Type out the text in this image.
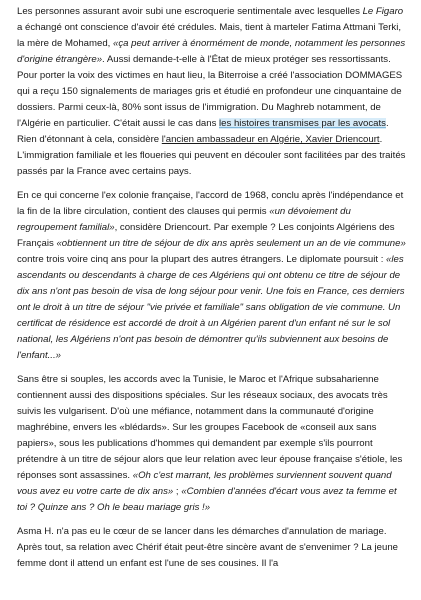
Les personnes assurant avoir subi une escroquerie sentimentale avec lesquelles Le Figaro a échangé ont conscience d'avoir été crédules. Mais, tient à marteler Fatima Attmani Terki, la mère de Mohamed, «ça peut arriver à énormément de monde, notamment les personnes d'origine étrangère». Aussi demande-t-elle à l'État de mieux protéger ses ressortissants. Pour porter la voix des victimes en haut lieu, la Biterroise a créé l'association DOMMAGES qui a reçu 150 signalements de mariages gris et étudié en profondeur une cinquantaine de dossiers. Parmi ceux-là, 80% sont issus de l'immigration. Du Maghreb notamment, de l'Algérie en particulier. C'était aussi le cas dans les histoires transmises par les avocats. Rien d'étonnant à cela, considère l'ancien ambassadeur en Algérie, Xavier Driencourt. L'immigration familiale et les floueries qui peuvent en découler sont facilitées par des traités passés par la France avec certains pays.

En ce qui concerne l'ex colonie française, l'accord de 1968, conclu après l'indépendance et la fin de la libre circulation, contient des clauses qui permis «un dévoiement du regroupement familial», considère Driencourt. Par exemple ? Les conjoints Algériens des Français «obtiennent un titre de séjour de dix ans après seulement un an de vie commune» contre trois voire cinq ans pour la plupart des autres étrangers. Le diplomate poursuit : «les ascendants ou descendants à charge de ces Algériens qui ont obtenu ce titre de séjour de dix ans n'ont pas besoin de visa de long séjour pour venir. Une fois en France, ces derniers ont le droit à un titre de séjour "vie privée et familiale" sans obligation de vie commune. Un certificat de résidence est accordé de droit à un Algérien parent d'un enfant né sur le sol national, les Algériens n'ont pas besoin de démontrer qu'ils subviennent aux besoins de l'enfant...»

Sans être si souples, les accords avec la Tunisie, le Maroc et l'Afrique subsaharienne contiennent aussi des dispositions spéciales. Sur les réseaux sociaux, des avocats très suivis les vulgarisent. D'où une méfiance, notamment dans la communauté d'origine maghrébine, envers les «blédards». Sur les groupes Facebook de «conseil aux sans papiers», sous les publications d'hommes qui demandent par exemple s'ils pourront prétendre à un titre de séjour alors que leur relation avec leur épouse française s'étiole, les réponses sont assassines. «Oh c'est marrant, les problèmes surviennent souvent quand vous avez eu votre carte de dix ans» ; «Combien d'années d'écart vous avez ta femme et toi ? Quinze ans ? Oh le beau mariage gris !»

Asma H. n'a pas eu le cœur de se lancer dans les démarches d'annulation de mariage. Après tout, sa relation avec Chérif était peut-être sincère avant de s'envenimer ? La jeune femme dont il attend un enfant est l'une de ses cousines. Il l'a
